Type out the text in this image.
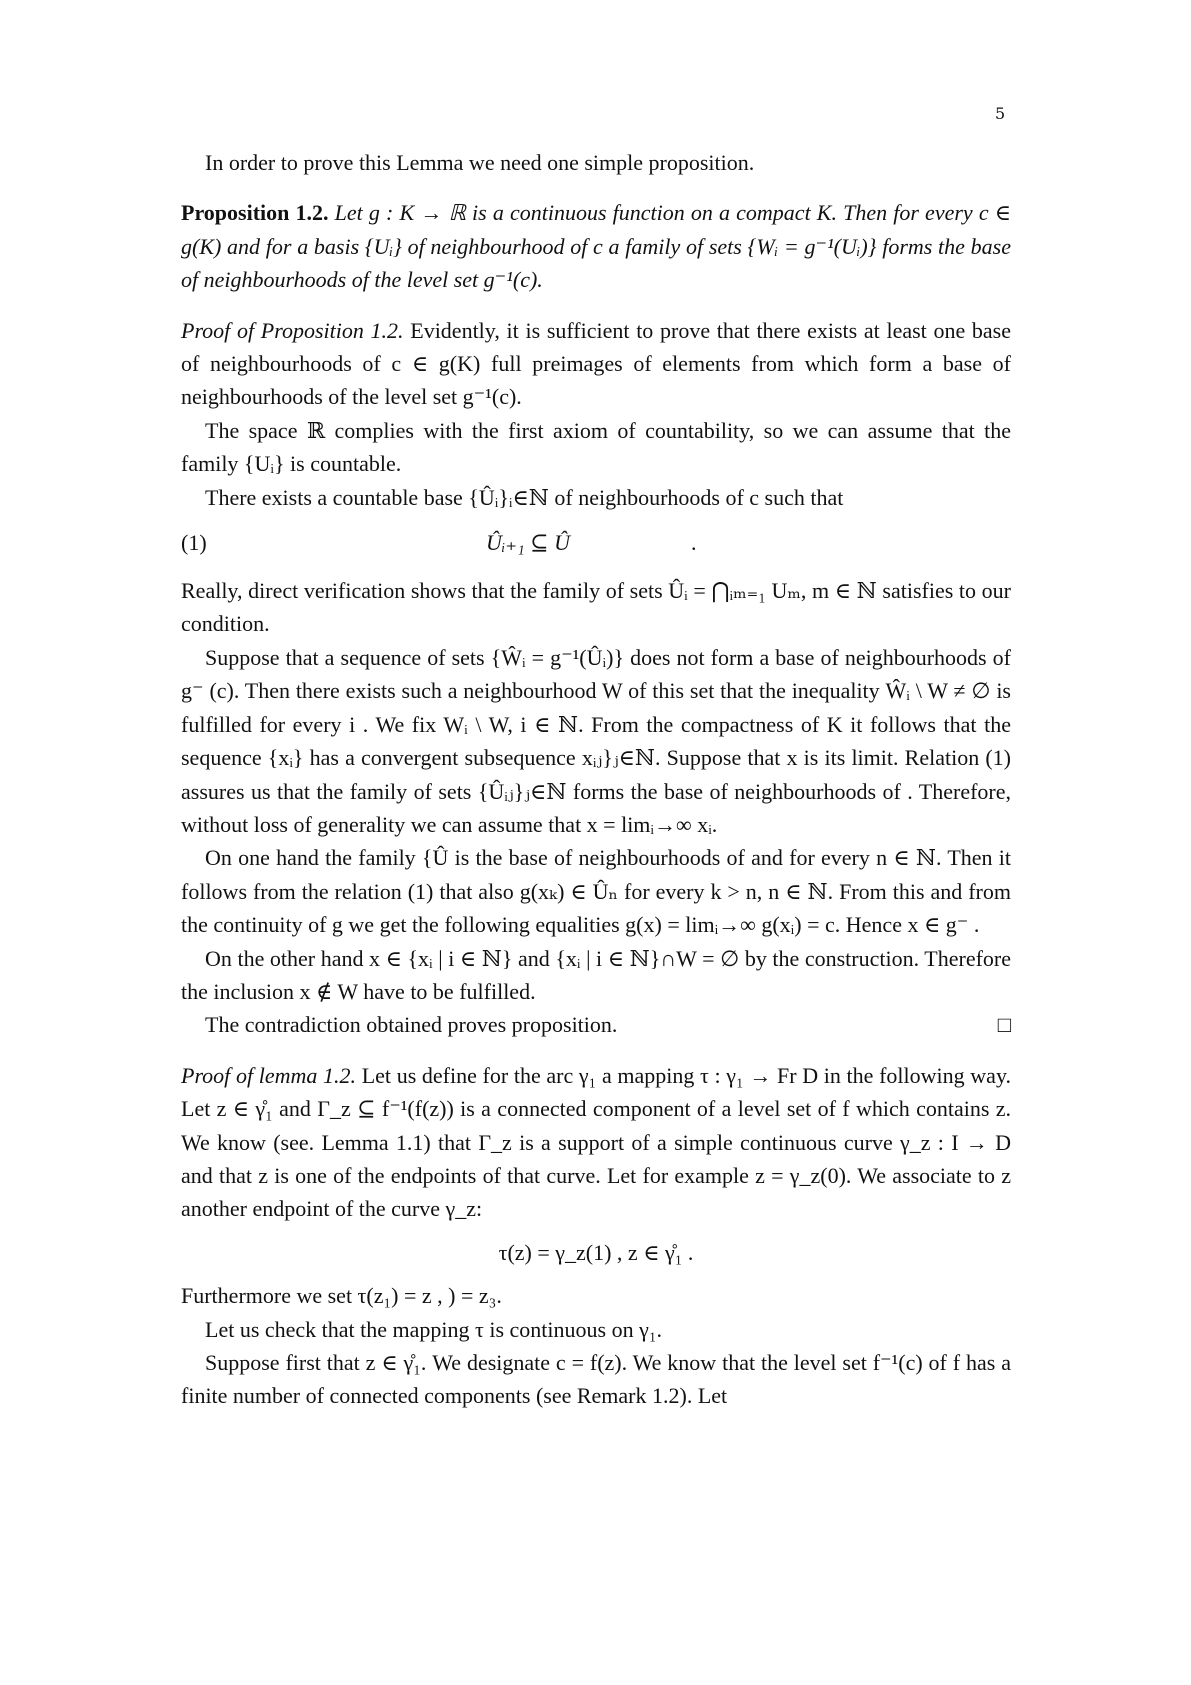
5

In order to prove this Lemma we need one simple proposition.

Proposition 1.2. Let g : K → ℝ is a continuous function on a compact K. Then for every c ∈ g(K) and for a basis {Uᵢ} of neighbourhood of c a family of sets {Wᵢ = g⁻¹(Uᵢ)} forms the base of neighbourhoods of the level set g⁻¹(c).

Proof of Proposition 1.2. Evidently, it is sufficient to prove that there exists at least one base of neighbourhoods of c ∈ g(K) full preimages of elements from which form a base of neighbourhoods of the level set g⁻¹(c).

The space ℝ complies with the first axiom of countability, so we can assume that the family {Uᵢ} is countable.

There exists a countable base {Ûᵢ}ᵢ∈ℕ of neighbourhoods of c such that

(1)	Ûᵢ₊₁ ⊆ Û	.

Really, direct verification shows that the family of sets Ûᵢ = ⋂ᵢₘ₌₁ Uₘ, m ∈ ℕ satisfies to our condition.

Suppose that a sequence of sets {Ŵᵢ = g⁻¹(Ûᵢ)} does not form a base of neighbourhoods of g⁻ (c). Then there exists such a neighbourhood W of this set that the inequality Ŵᵢ \ W ≠ ∅ is fulfilled for every i . We fix Wᵢ \ W, i ∈ ℕ. From the compactness of K it follows that the sequence {xᵢ} has a convergent subsequence xᵢⱼ}ⱼ∈ℕ. Suppose that x is its limit. Relation (1) assures us that the family of sets {Ûᵢⱼ}ⱼ∈ℕ forms the base of neighbourhoods of . Therefore, without loss of generality we can assume that x = limᵢ→∞ xᵢ.

On one hand the family {Û is the base of neighbourhoods of and for every n ∈ ℕ. Then it follows from the relation (1) that also g(xₖ) ∈ Ûₙ for every k > n, n ∈ ℕ. From this and from the continuity of g we get the following equalities g(x) = limᵢ→∞ g(xᵢ) = c. Hence x ∈ g⁻ .

On the other hand x ∈ {xᵢ | i ∈ ℕ} and {xᵢ | i ∈ ℕ}∩W = ∅ by the construction. Therefore the inclusion x ∉ W have to be fulfilled.

The contradiction obtained proves proposition.	□

Proof of lemma 1.2. Let us define for the arc γ₁ a mapping τ : γ₁ → Fr D in the following way. Let z ∈ γ̊₁ and Γ_z ⊆ f⁻¹(f(z)) is a connected component of a level set of f which contains z. We know (see. Lemma 1.1) that Γ_z is a support of a simple continuous curve γ_z : I → D and that z is one of the endpoints of that curve. Let for example z = γ_z(0). We associate to z another endpoint of the curve γ_z:

τ(z) = γ_z(1) , z ∈ γ̊₁ .

Furthermore we set τ(z₁) = z , ) = z₃.

Let us check that the mapping τ is continuous on γ₁.

Suppose first that z ∈ γ̊₁. We designate c = f(z). We know that the level set f⁻¹(c) of f has a finite number of connected components (see Remark 1.2). Let
